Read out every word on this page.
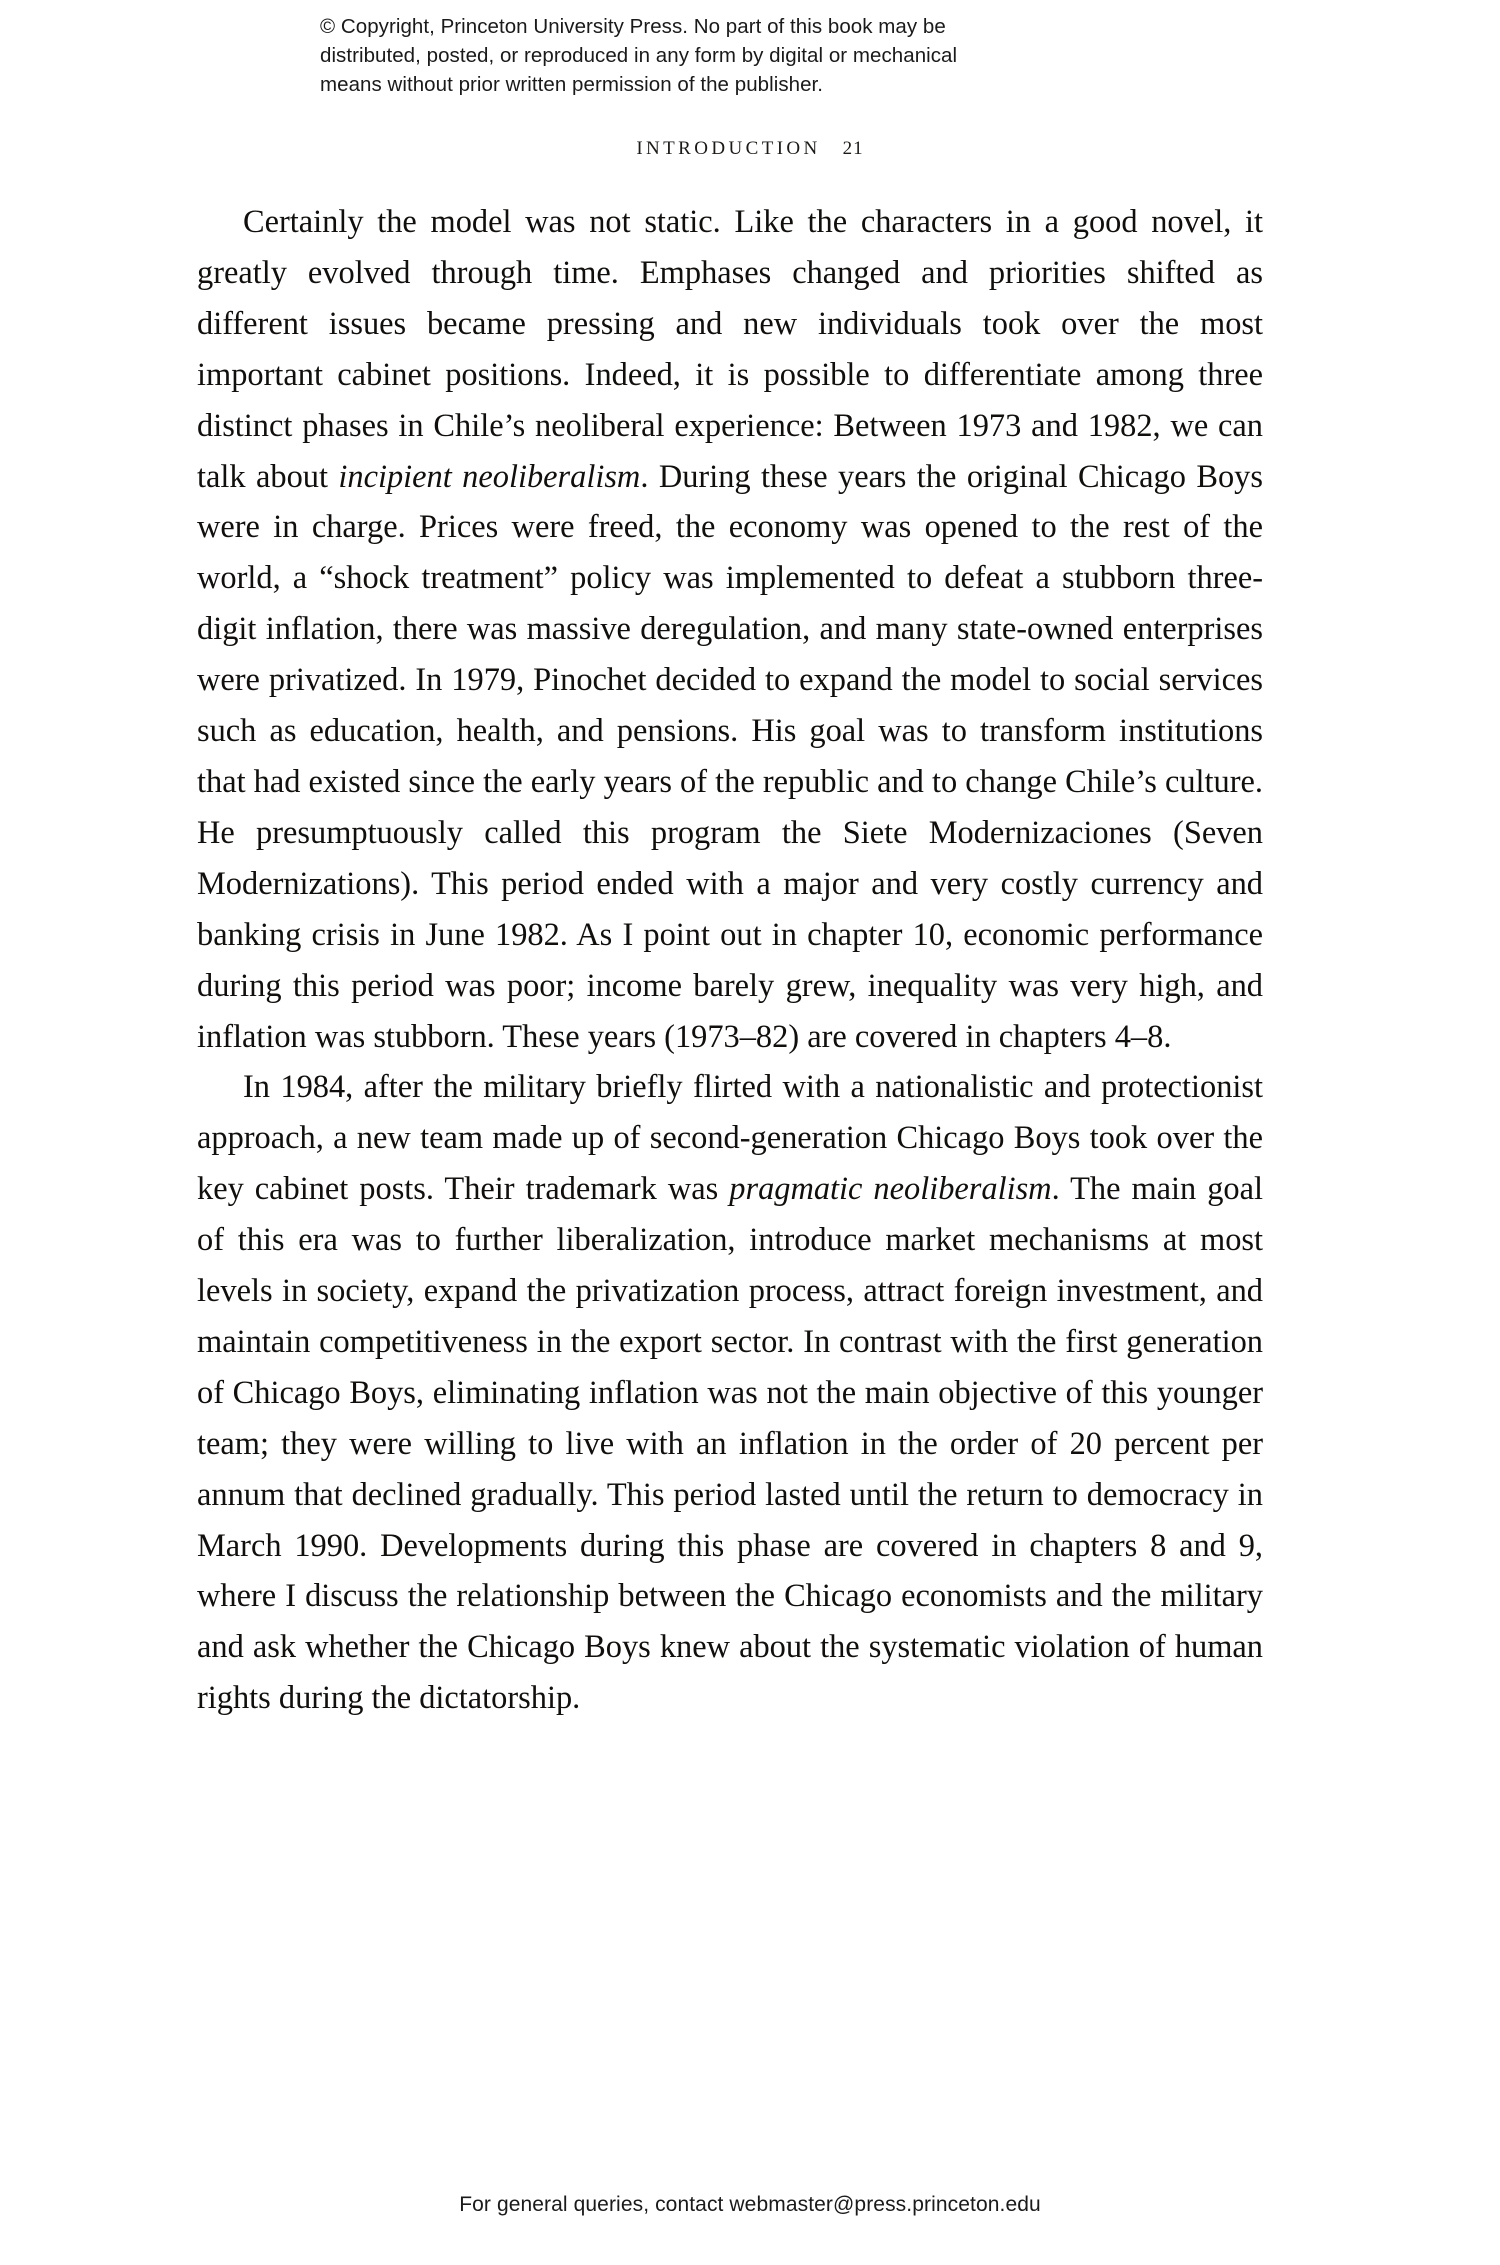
© Copyright, Princeton University Press. No part of this book may be
distributed, posted, or reproduced in any form by digital or mechanical
means without prior written permission of the publisher.
INTRODUCTION 21

Certainly the model was not static. Like the characters in a good novel, it greatly evolved through time. Emphases changed and priorities shifted as different issues became pressing and new individuals took over the most important cabinet positions. Indeed, it is possible to differentiate among three distinct phases in Chile’s neoliberal experience: Between 1973 and 1982, we can talk about incipient neoliberalism. During these years the original Chicago Boys were in charge. Prices were freed, the economy was opened to the rest of the world, a “shock treatment” policy was implemented to defeat a stubborn three-digit inflation, there was massive deregulation, and many state-owned enterprises were privatized. In 1979, Pinochet decided to expand the model to social services such as education, health, and pensions. His goal was to transform institutions that had existed since the early years of the republic and to change Chile’s culture. He presumptuously called this program the Siete Modernizaciones (Seven Modernizations). This period ended with a major and very costly currency and banking crisis in June 1982. As I point out in chapter 10, economic performance during this period was poor; income barely grew, inequality was very high, and inflation was stubborn. These years (1973–82) are covered in chapters 4–8.

In 1984, after the military briefly flirted with a nationalistic and protectionist approach, a new team made up of second-generation Chicago Boys took over the key cabinet posts. Their trademark was pragmatic neoliberalism. The main goal of this era was to further liberalization, introduce market mechanisms at most levels in society, expand the privatization process, attract foreign investment, and maintain competitiveness in the export sector. In contrast with the first generation of Chicago Boys, eliminating inflation was not the main objective of this younger team; they were willing to live with an inflation in the order of 20 percent per annum that declined gradually. This period lasted until the return to democracy in March 1990. Developments during this phase are covered in chapters 8 and 9, where I discuss the relationship between the Chicago economists and the military and ask whether the Chicago Boys knew about the systematic violation of human rights during the dictatorship.

For general queries, contact webmaster@press.princeton.edu
